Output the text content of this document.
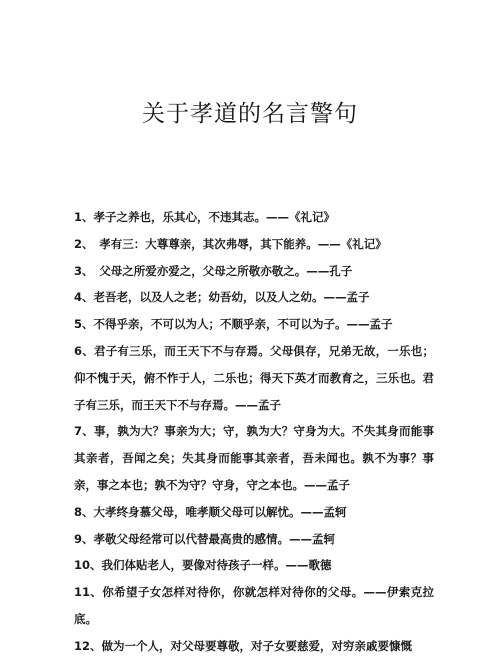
关于孝道的名言警句

1、孝子之养也，乐其心，不违其志。——《礼记》

2、　孝有三：大尊尊亲，其次弗辱，其下能养。——《礼记》

3、　父母之所爱亦爱之，父母之所敬亦敬之。——孔子

4、老吾老，以及人之老；幼吾幼，以及人之幼。——孟子

5、不得乎亲，不可以为人；不顺乎亲，不可以为子。——孟子

6、君子有三乐，而王天下不与存焉。父母俱存，兄弟无故，一乐也；仰不愧于天，俯不怍于人，二乐也；得天下英才而教育之，三乐也。君子有三乐，而王天下不与存焉。——孟子

7、事，孰为大？事亲为大；守，孰为大？守身为大。不失其身而能事其亲者，吾闻之矣；失其身而能事其亲者，吾未闻也。孰不为事？事亲，事之本也；孰不为守？守身，守之本也。——孟子

8、大孝终身慕父母，唯孝顺父母可以解忧。——孟轲

9、孝敬父母经常可以代替最高贵的感情。——孟轲

10、我们体贴老人，要像对待孩子一样。——歌德

11、你希望子女怎样对待你，你就怎样对待你的父母。——伊索克拉底。

12、做为一个人，对父母要尊敬，对子女要慈爱，对穷亲戚要慷慨
